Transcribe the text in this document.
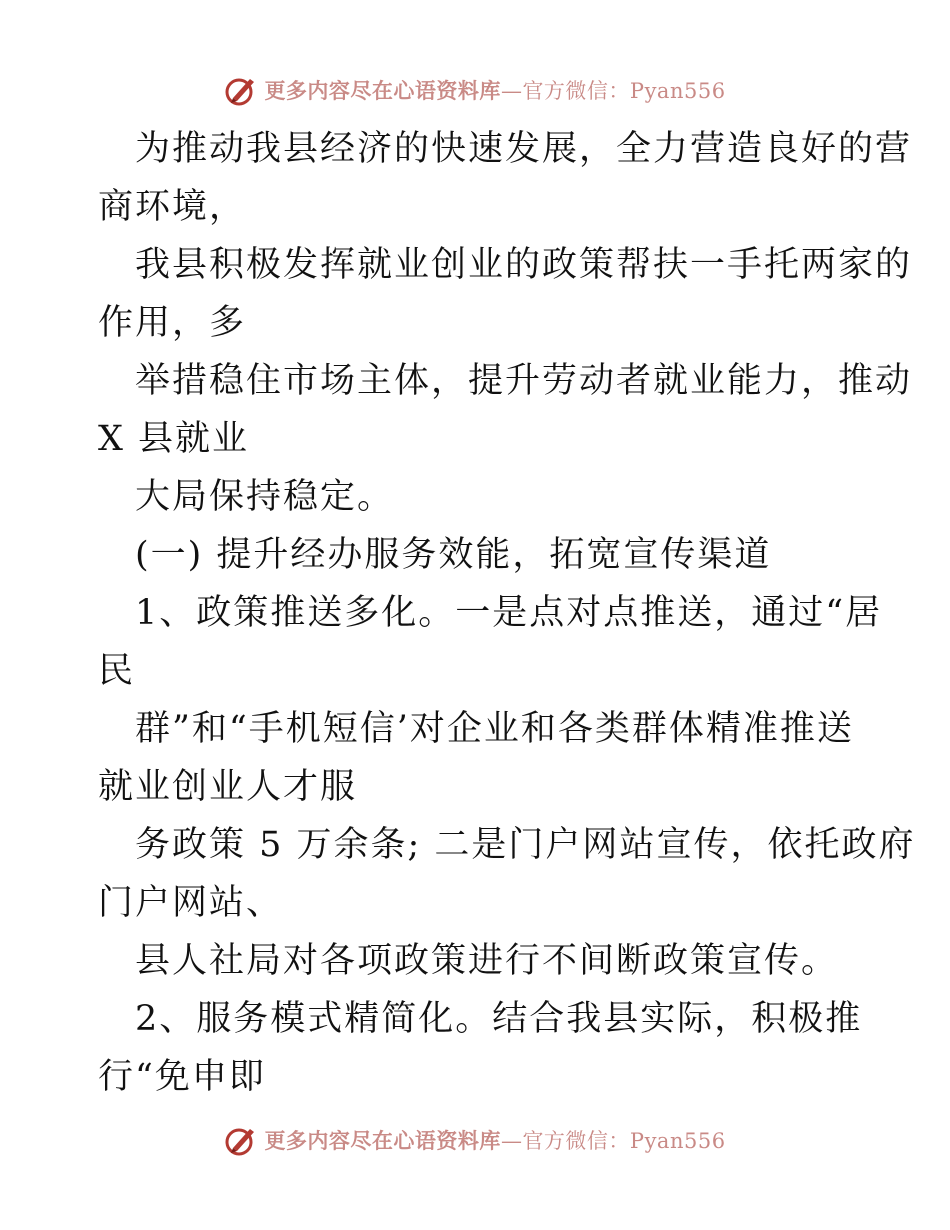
更多内容尽在心语资料库—官方微信：Pyan556
为推动我县经济的快速发展，全力营造良好的营
商环境，
我县积极发挥就业创业的政策帮扶一手托两家的
作用，多
举措稳住市场主体，提升劳动者就业能力，推动
X 县就业
大局保持稳定。
(一) 提升经办服务效能，拓宽宣传渠道
1、政策推送多化。一是点对点推送，通过“居
民
群”和“手机短信’对企业和各类群体精准推送
就业创业人才服
务政策 5 万余条; 二是门户网站宣传，依托政府
门户网站、
县人社局对各项政策进行不间断政策宣传。
2、服务模式精简化。结合我县实际，积极推
行“免申即
更多内容尽在心语资料库—官方微信：Pyan556
